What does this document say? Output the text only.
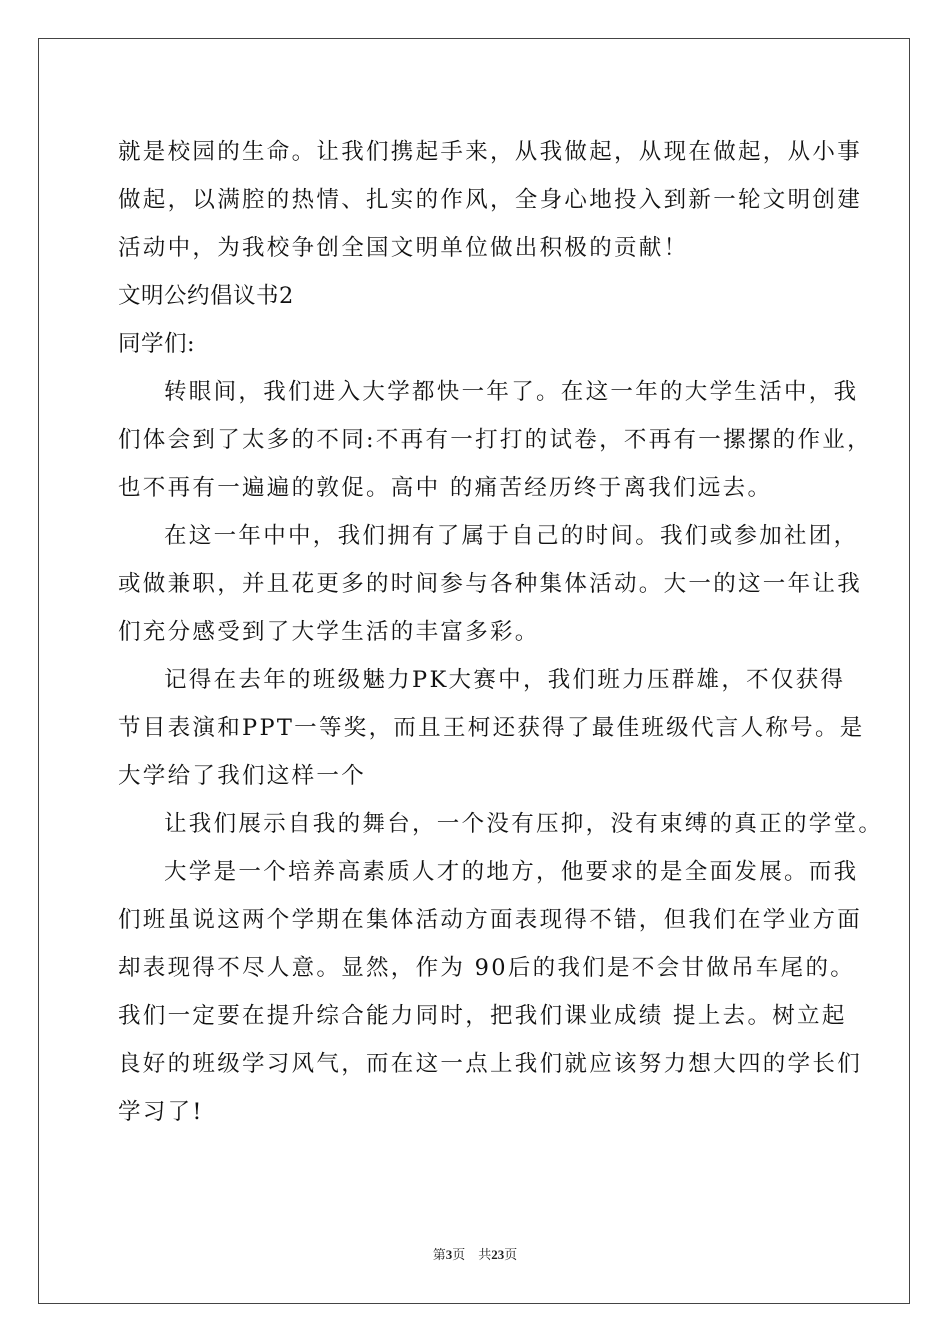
就是校园的生命。让我们携起手来，从我做起，从现在做起，从小事
做起，以满腔的热情、扎实的作风，全身心地投入到新一轮文明创建
活动中，为我校争创全国文明单位做出积极的贡献！
文明公约倡议书2
同学们:
转眼间，我们进入大学都快一年了。在这一年的大学生活中，我
们体会到了太多的不同:不再有一打打的试卷，不再有一摞摞的作业，
也不再有一遍遍的敦促。高中 的痛苦经历终于离我们远去。
在这一年中中，我们拥有了属于自己的时间。我们或参加社团，
或做兼职，并且花更多的时间参与各种集体活动。大一的这一年让我
们充分感受到了大学生活的丰富多彩。
记得在去年的班级魅力PK大赛中，我们班力压群雄，不仅获得
节目表演和PPT一等奖，而且王柯还获得了最佳班级代言人称号。是
大学给了我们这样一个
让我们展示自我的舞台，一个没有压抑，没有束缚的真正的学堂。
大学是一个培养高素质人才的地方，他要求的是全面发展。而我
们班虽说这两个学期在集体活动方面表现得不错，但我们在学业方面
却表现得不尽人意。显然，作为 90后的我们是不会甘做吊车尾的。
我们一定要在提升综合能力同时，把我们课业成绩 提上去。树立起
良好的班级学习风气，而在这一点上我们就应该努力想大四的学长们
学习了!
第3页　共23页
